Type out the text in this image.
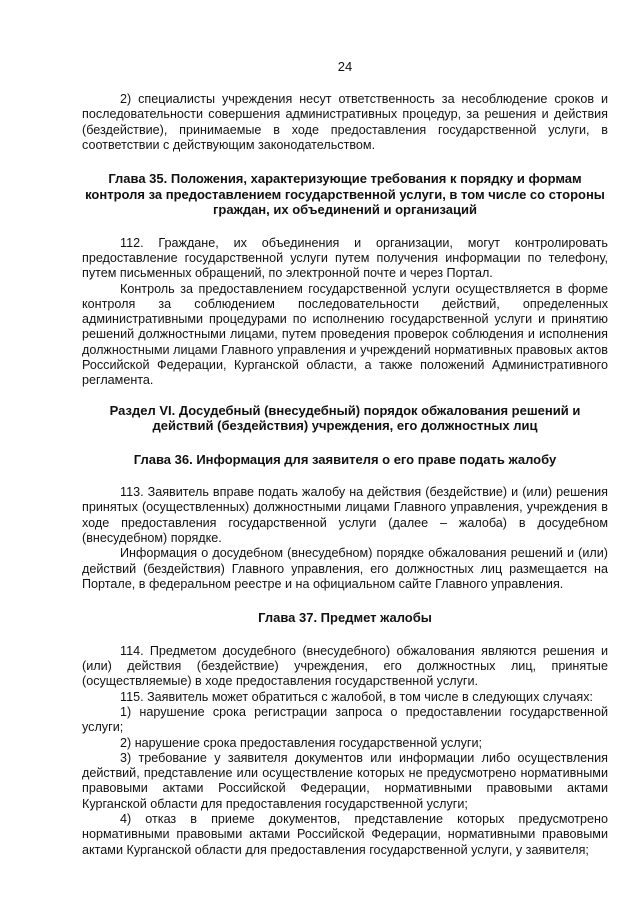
24

2) специалисты учреждения несут ответственность за несоблюдение сроков и последовательности совершения административных процедур, за решения и действия (бездействие), принимаемые в ходе предоставления государственной услуги, в соответствии с действующим законодательством.

Глава 35. Положения, характеризующие требования к порядку и формам контроля за предоставлением государственной услуги, в том числе со стороны граждан, их объединений и организаций

112. Граждане, их объединения и организации, могут контролировать предоставление государственной услуги путем получения информации по телефону, путем письменных обращений, по электронной почте и через Портал.

Контроль за предоставлением государственной услуги осуществляется в форме контроля за соблюдением последовательности действий, определенных административными процедурами по исполнению государственной услуги и принятию решений должностными лицами, путем проведения проверок соблюдения и исполнения должностными лицами Главного управления и учреждений нормативных правовых актов Российской Федерации, Курганской области, а также положений Административного регламента.

Раздел VI. Досудебный (внесудебный) порядок обжалования решений и действий (бездействия) учреждения, его должностных лиц
Глава 36. Информация для заявителя о его праве подать жалобу

113. Заявитель вправе подать жалобу на действия (бездействие) и (или) решения принятых (осуществленных) должностными лицами Главного управления, учреждения в ходе предоставления государственной услуги (далее – жалоба) в досудебном (внесудебном) порядке.

Информация о досудебном (внесудебном) порядке обжалования решений и (или) действий (бездействия) Главного управления, его должностных лиц размещается на Портале, в федеральном реестре и на официальном сайте Главного управления.

Глава 37. Предмет жалобы

114. Предметом досудебного (внесудебного) обжалования являются решения и (или) действия (бездействие) учреждения, его должностных лиц, принятые (осуществляемые) в ходе предоставления государственной услуги.

115. Заявитель может обратиться с жалобой, в том числе в следующих случаях:

1) нарушение срока регистрации запроса о предоставлении государственной услуги;

2) нарушение срока предоставления государственной услуги;

3) требование у заявителя документов или информации либо осуществления действий, представление или осуществление которых не предусмотрено нормативными правовыми актами Российской Федерации, нормативными правовыми актами Курганской области для предоставления государственной услуги;

4) отказ в приеме документов, представление которых предусмотрено нормативными правовыми актами Российской Федерации, нормативными правовыми актами Курганской области для предоставления государственной услуги, у заявителя;
